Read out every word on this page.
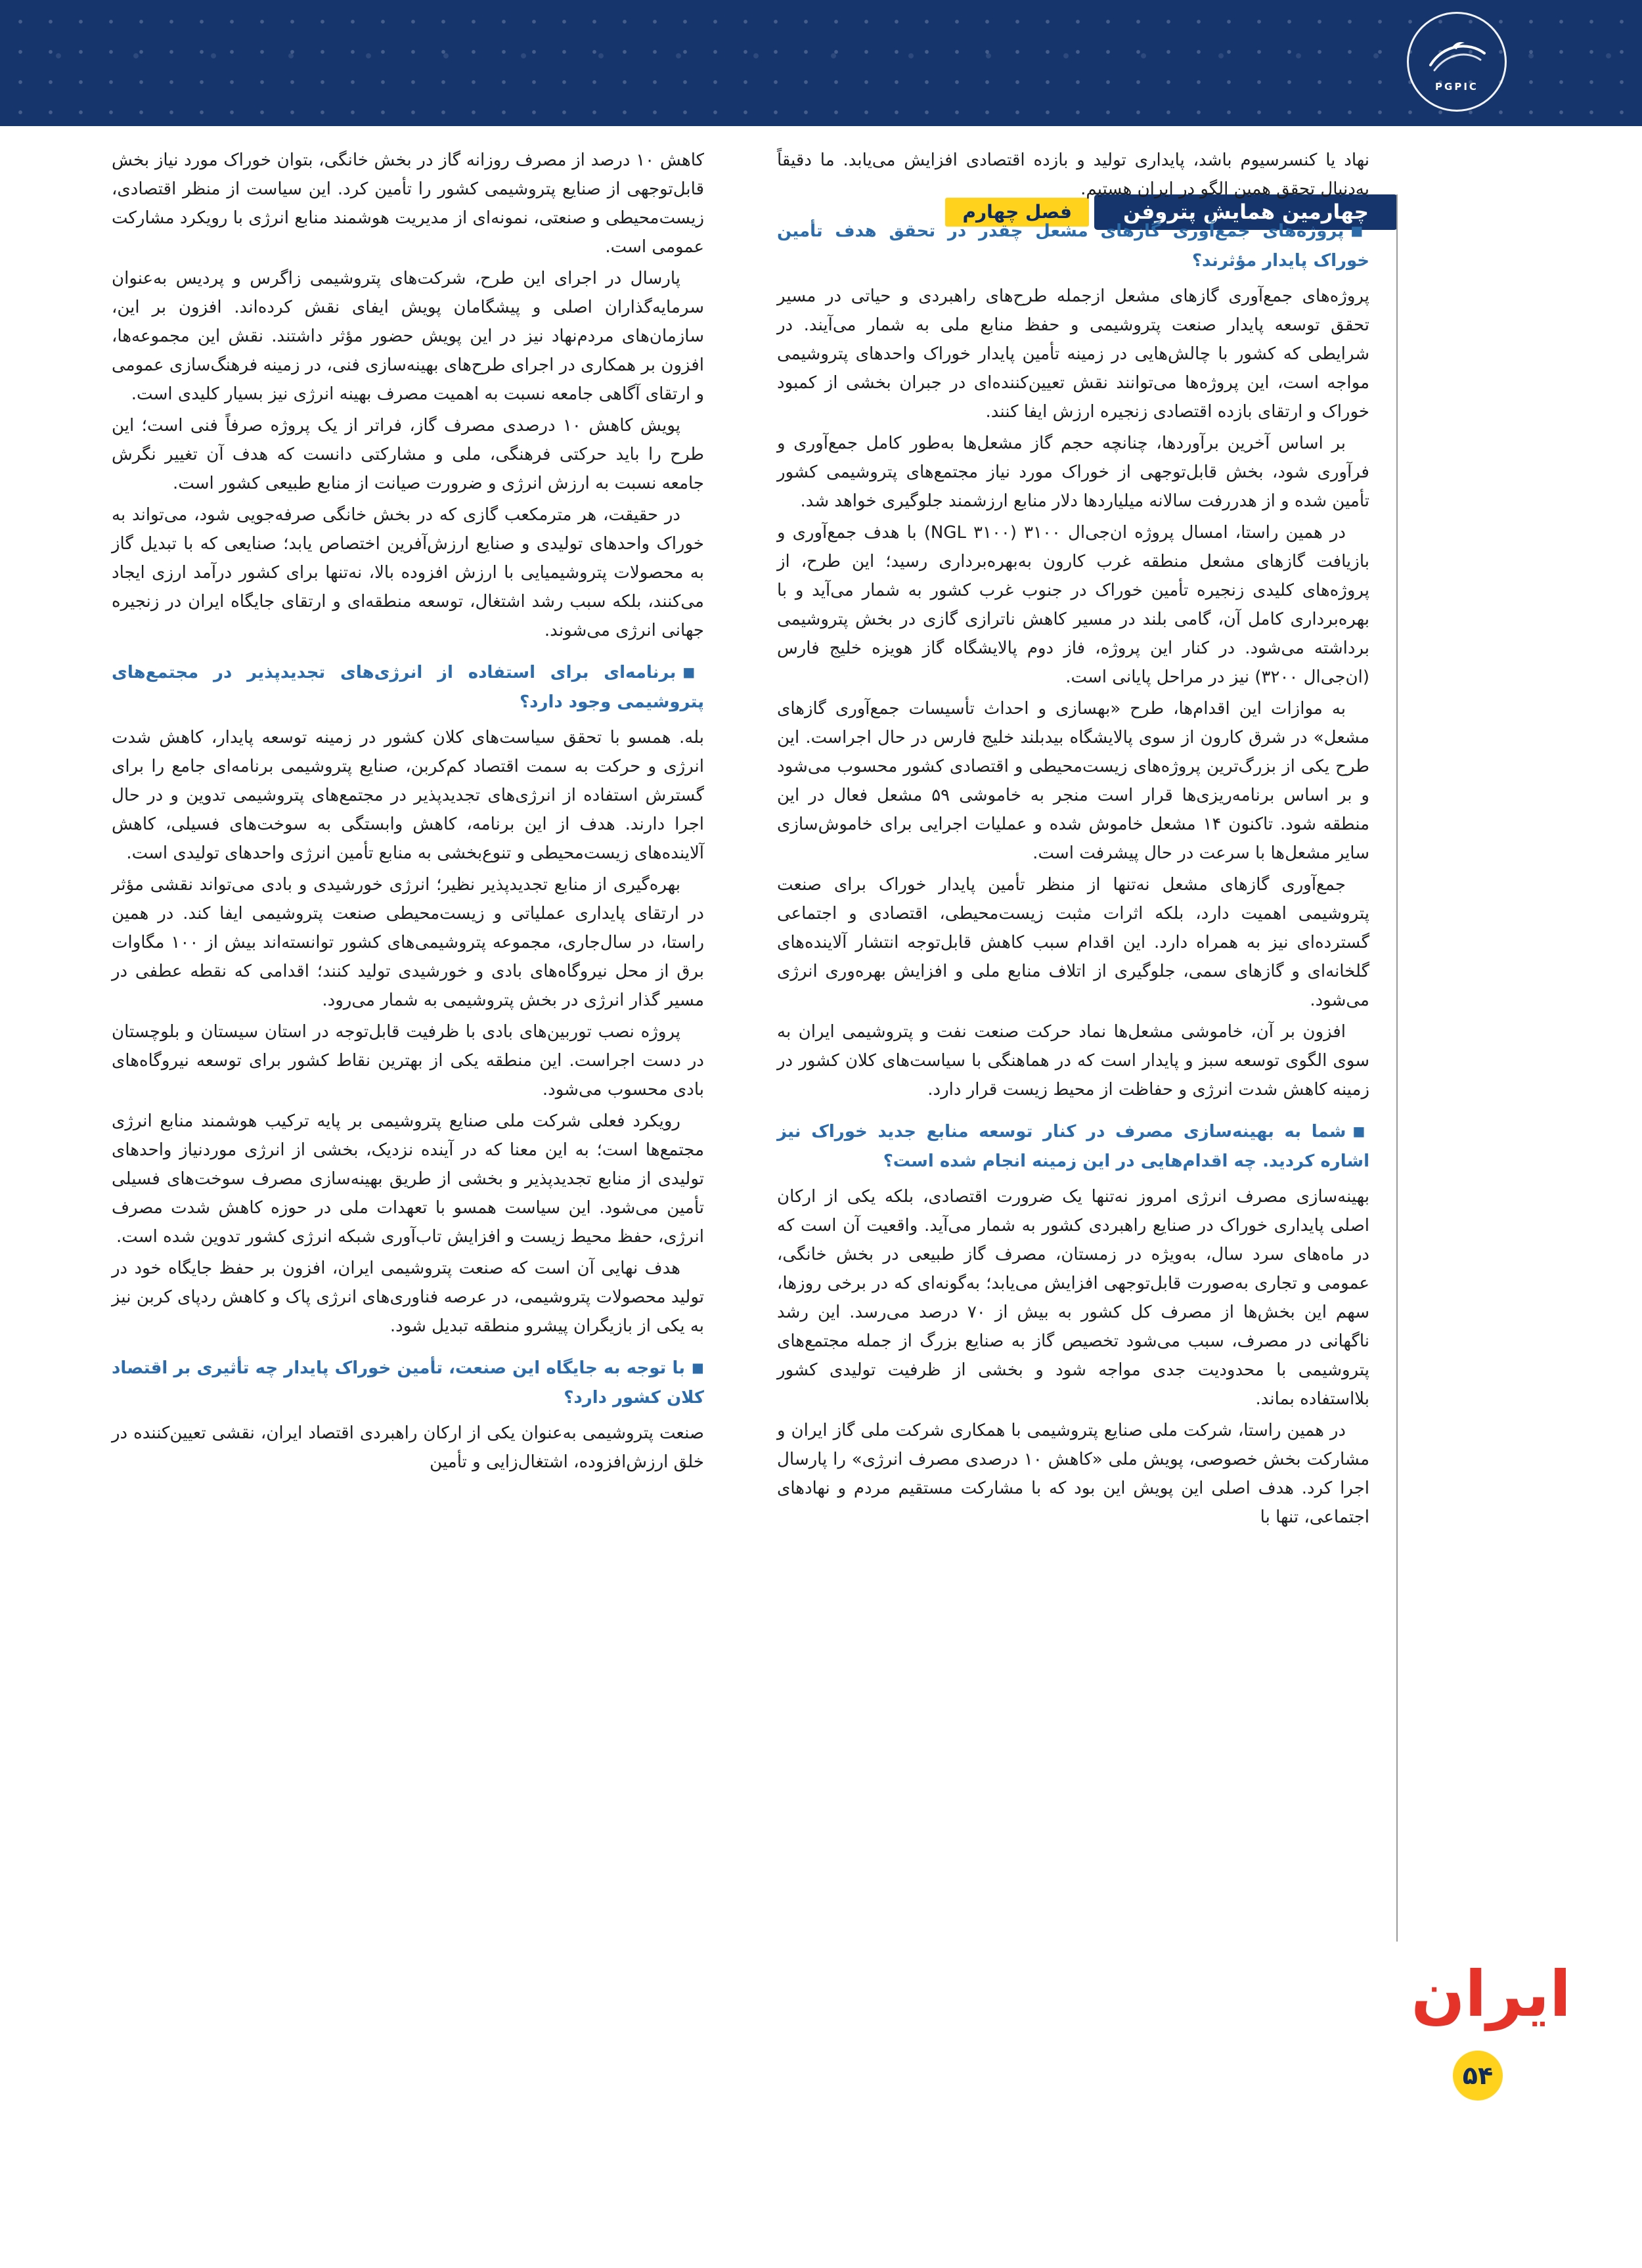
PGPIC
چهارمین همایش پتروفن
فصل چهارم
نهاد یا کنسرسیوم باشد، پایداری تولید و بازده اقتصادی افزایش می‌یابد. ما دقیقاً به‌دنبال تحقق همین الگو در ایران هستیم.
■پروژه‌های جمع‌آوری گازهای مشعل چقدر در تحقق هدف تأمین خوراک پایدار مؤثرند؟
پروژه‌های جمع‌آوری گازهای مشعل ازجمله طرح‌های راهبردی و حیاتی در مسیر تحقق توسعه پایدار صنعت پتروشیمی و حفظ منابع ملی به شمار می‌آیند. در شرایطی که کشور با چالش‌هایی در زمینه تأمین پایدار خوراک واحدهای پتروشیمی مواجه است، این پروژه‌ها می‌توانند نقش تعیین‌کننده‌ای در جبران بخشی از کمبود خوراک و ارتقای بازده اقتصادی زنجیره ارزش ایفا کنند.
بر اساس آخرین برآوردها، چنانچه حجم گاز مشعل‌ها به‌طور کامل جمع‌آوری و فرآوری شود، بخش قابل‌توجهی از خوراک مورد نیاز مجتمع‌های پتروشیمی کشور تأمین شده و از هدررفت سالانه میلیاردها دلار منابع ارزشمند جلوگیری خواهد شد.
در همین راستا، امسال پروژه ان‌جی‌ال ۳۱۰۰ (NGL ۳۱۰۰) با هدف جمع‌آوری و بازیافت گازهای مشعل منطقه غرب کارون به‌بهره‌برداری رسید؛ این طرح، از پروژه‌های کلیدی زنجیره تأمین خوراک در جنوب غرب کشور به شمار می‌آید و با بهره‌برداری کامل آن، گامی بلند در مسیر کاهش ناترازی گازی در بخش پتروشیمی برداشته می‌شود. در کنار این پروژه، فاز دوم پالایشگاه گاز هویزه خلیج فارس (ان‌جی‌ال ۳۲۰۰) نیز در مراحل پایانی است.
به موازات این اقدام‌ها، طرح «بهسازی و احداث تأسیسات جمع‌آوری گازهای مشعل» در شرق کارون از سوی پالایشگاه بیدبلند خلیج فارس در حال اجراست. این طرح یکی از بزرگ‌ترین پروژه‌های زیست‌محیطی و اقتصادی کشور محسوب می‌شود و بر اساس برنامه‌ریزی‌ها قرار است منجر به خاموشی ۵۹ مشعل فعال در این منطقه شود. تاکنون ۱۴ مشعل خاموش شده و عملیات اجرایی برای خاموش‌سازی سایر مشعل‌ها با سرعت در حال پیشرفت است.
جمع‌آوری گازهای مشعل نه‌تنها از منظر تأمین پایدار خوراک برای صنعت پتروشیمی اهمیت دارد، بلکه اثرات مثبت زیست‌محیطی، اقتصادی و اجتماعی گسترده‌ای نیز به همراه دارد. این اقدام سبب کاهش قابل‌توجه انتشار آلاینده‌های گلخانه‌ای و گازهای سمی، جلوگیری از اتلاف منابع ملی و افزایش بهره‌وری انرژی می‌شود.
افزون بر آن، خاموشی مشعل‌ها نماد حرکت صنعت نفت و پتروشیمی ایران به سوی الگوی توسعه سبز و پایدار است که در هماهنگی با سیاست‌های کلان کشور در زمینه کاهش شدت انرژی و حفاظت از محیط زیست قرار دارد.
■شما به بهینه‌سازی مصرف در کنار توسعه منابع جدید خوراک نیز اشاره کردید. چه اقدام‌هایی در این زمینه انجام شده است؟
بهینه‌سازی مصرف انرژی امروز نه‌تنها یک ضرورت اقتصادی، بلکه یکی از ارکان اصلی پایداری خوراک در صنایع راهبردی کشور به شمار می‌آید. واقعیت آن است که در ماه‌های سرد سال، به‌ویژه در زمستان، مصرف گاز طبیعی در بخش خانگی، عمومی و تجاری به‌صورت قابل‌توجهی افزایش می‌یابد؛ به‌گونه‌ای که در برخی روزها، سهم این بخش‌ها از مصرف کل کشور به بیش از ۷۰ درصد می‌رسد. این رشد ناگهانی در مصرف، سبب می‌شود تخصیص گاز به صنایع بزرگ از جمله مجتمع‌های پتروشیمی با محدودیت جدی مواجه شود و بخشی از ظرفیت تولیدی کشور بلااستفاده بماند.
در همین راستا، شرکت ملی صنایع پتروشیمی با همکاری شرکت ملی گاز ایران و مشارکت بخش خصوصی، پویش ملی «کاهش ۱۰ درصدی مصرف انرژی» را پارسال اجرا کرد. هدف اصلی این پویش این بود که با مشارکت مستقیم مردم و نهادهای اجتماعی، تنها با
کاهش ۱۰ درصد از مصرف روزانه گاز در بخش خانگی، بتوان خوراک مورد نیاز بخش قابل‌توجهی از صنایع پتروشیمی کشور را تأمین کرد. این سیاست از منظر اقتصادی، زیست‌محیطی و صنعتی، نمونه‌ای از مدیریت هوشمند منابع انرژی با رویکرد مشارکت عمومی است.
پارسال در اجرای این طرح، شرکت‌های پتروشیمی زاگرس و پردیس به‌عنوان سرمایه‌گذاران اصلی و پیشگامان پویش ایفای نقش کرده‌اند. افزون بر این، سازمان‌های مردم‌نهاد نیز در این پویش حضور مؤثر داشتند. نقش این مجموعه‌ها، افزون بر همکاری در اجرای طرح‌های بهینه‌سازی فنی، در زمینه فرهنگ‌سازی عمومی و ارتقای آگاهی جامعه نسبت به اهمیت مصرف بهینه انرژی نیز بسیار کلیدی است.
پویش کاهش ۱۰ درصدی مصرف گاز، فراتر از یک پروژه صرفاً فنی است؛ این طرح را باید حرکتی فرهنگی، ملی و مشارکتی دانست که هدف آن تغییر نگرش جامعه نسبت به ارزش انرژی و ضرورت صیانت از منابع طبیعی کشور است.
در حقیقت، هر مترمکعب گازی که در بخش خانگی صرفه‌جویی شود، می‌تواند به خوراک واحدهای تولیدی و صنایع ارزش‌آفرین اختصاص یابد؛ صنایعی که با تبدیل گاز به محصولات پتروشیمیایی با ارزش افزوده بالا، نه‌تنها برای کشور درآمد ارزی ایجاد می‌کنند، بلکه سبب رشد اشتغال، توسعه منطقه‌ای و ارتقای جایگاه ایران در زنجیره جهانی انرژی می‌شوند.
■برنامه‌ای برای استفاده از انرژی‌های تجدیدپذیر در مجتمع‌های پتروشیمی وجود دارد؟
بله. همسو با تحقق سیاست‌های کلان کشور در زمینه توسعه پایدار، کاهش شدت انرژی و حرکت به سمت اقتصاد کم‌کربن، صنایع پتروشیمی برنامه‌ای جامع را برای گسترش استفاده از انرژی‌های تجدیدپذیر در مجتمع‌های پتروشیمی تدوین و در حال اجرا دارند. هدف از این برنامه، کاهش وابستگی به سوخت‌های فسیلی، کاهش آلاینده‌های زیست‌محیطی و تنوع‌بخشی به منابع تأمین انرژی واحدهای تولیدی است.
بهره‌گیری از منابع تجدیدپذیر نظیر؛ انرژی خورشیدی و بادی می‌تواند نقشی مؤثر در ارتقای پایداری عملیاتی و زیست‌محیطی صنعت پتروشیمی ایفا کند. در همین راستا، در سال‌جاری، مجموعه پتروشیمی‌های کشور توانسته‌اند بیش از ۱۰۰ مگاوات برق از محل نیروگاه‌های بادی و خورشیدی تولید کنند؛ اقدامی که نقطه عطفی در مسیر گذار انرژی در بخش پتروشیمی به شمار می‌رود.
پروژه نصب توربین‌های بادی با ظرفیت قابل‌توجه در استان سیستان و بلوچستان در دست اجراست. این منطقه یکی از بهترین نقاط کشور برای توسعه نیروگاه‌های بادی محسوب می‌شود.
رویکرد فعلی شرکت ملی صنایع پتروشیمی بر پایه ترکیب هوشمند منابع انرژی مجتمع‌ها است؛ به این معنا که در آینده نزدیک، بخشی از انرژی موردنیاز واحدهای تولیدی از منابع تجدیدپذیر و بخشی از طریق بهینه‌سازی مصرف سوخت‌های فسیلی تأمین می‌شود. این سیاست همسو با تعهدات ملی در حوزه کاهش شدت مصرف انرژی، حفظ محیط زیست و افزایش تاب‌آوری شبکه انرژی کشور تدوین شده است.
هدف نهایی آن است که صنعت پتروشیمی ایران، افزون بر حفظ جایگاه خود در تولید محصولات پتروشیمی، در عرصه فناوری‌های انرژی پاک و کاهش ردپای کربن نیز به یکی از بازیگران پیشرو منطقه تبدیل شود.
■با توجه به جایگاه این صنعت، تأمین خوراک پایدار چه تأثیری بر اقتصاد کلان کشور دارد؟
صنعت پتروشیمی به‌عنوان یکی از ارکان راهبردی اقتصاد ایران، نقشی تعیین‌کننده در خلق ارزش‌افزوده، اشتغال‌زایی و تأمین
ایران
۵۴
